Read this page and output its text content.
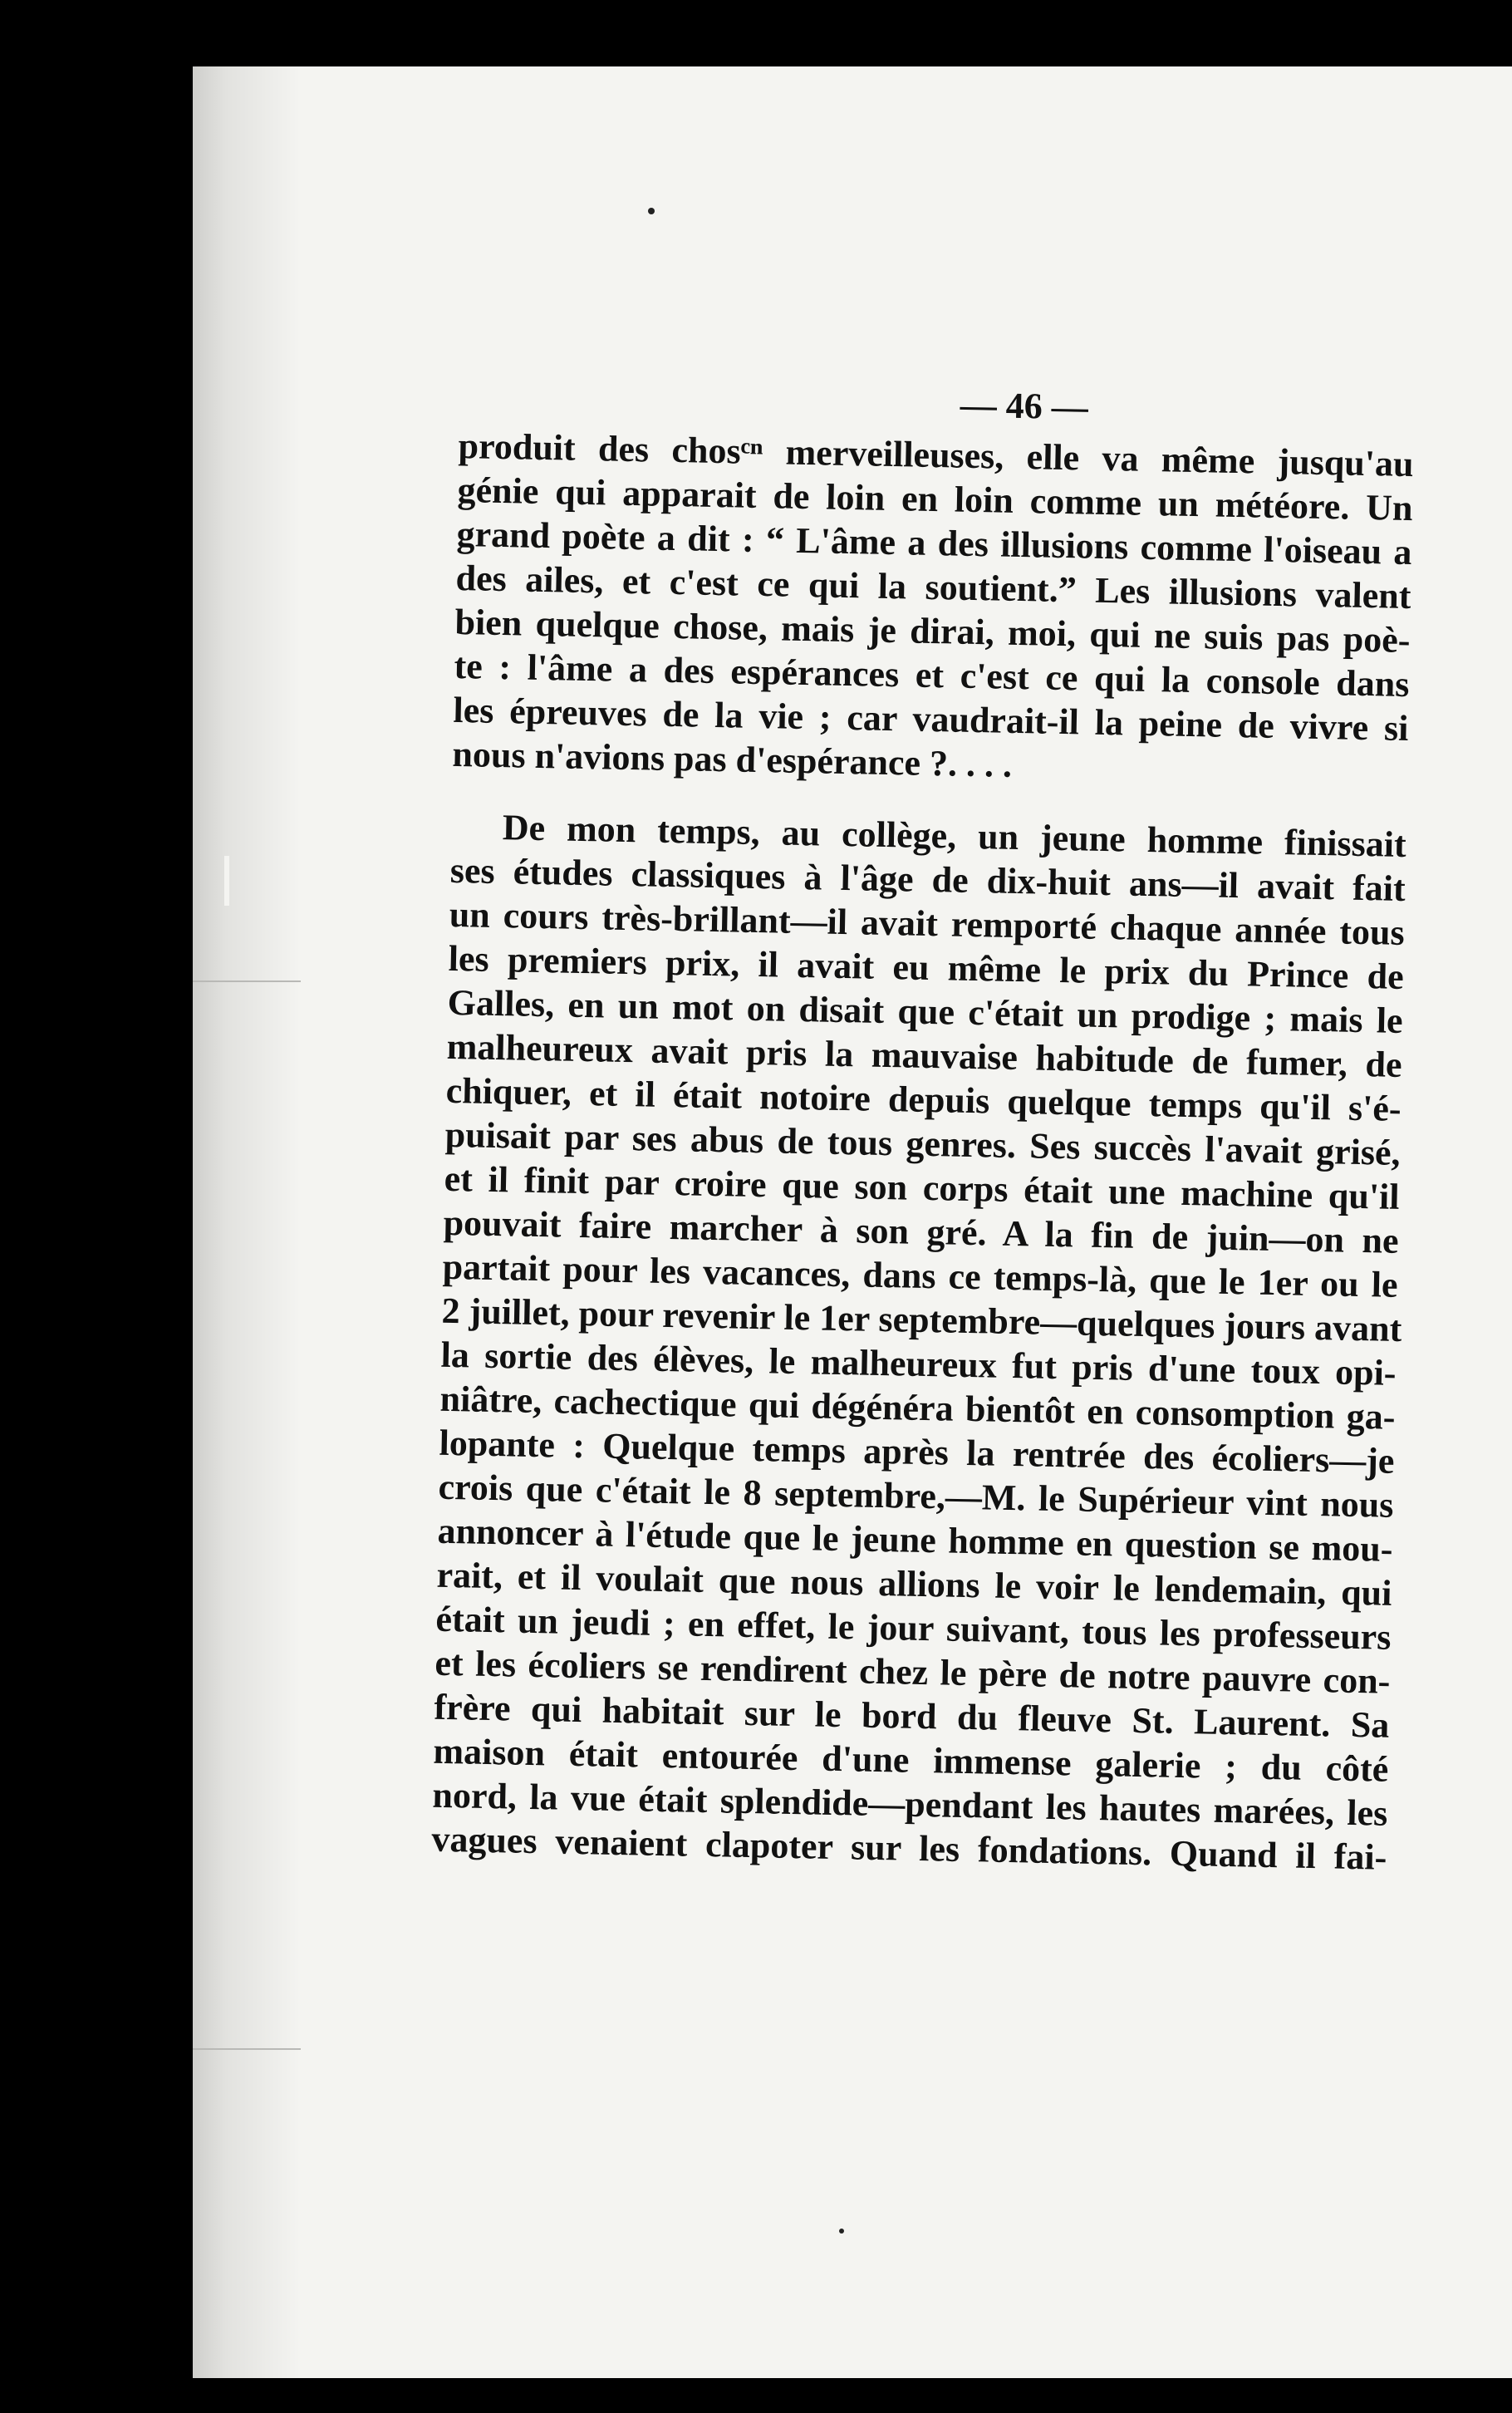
— 46 —
produit des chosᶜⁿ merveilleuses, elle va même jusqu'au
génie qui apparait de loin en loin comme un météore. Un
grand poète a dit : “ L'âme a des illusions comme l'oiseau a
des ailes, et c'est ce qui la soutient.” Les illusions valent
bien quelque chose, mais je dirai, moi, qui ne suis pas poè-
te : l'âme a des espérances et c'est ce qui la console dans
les épreuves de la vie ; car vaudrait-il la peine de vivre si
nous n'avions pas d'espérance ?. . . .
De mon temps, au collège, un jeune homme finissait
ses études classiques à l'âge de dix-huit ans—il avait fait
un cours très-brillant—il avait remporté chaque année tous
les premiers prix, il avait eu même le prix du Prince de
Galles, en un mot on disait que c'était un prodige ; mais le
malheureux avait pris la mauvaise habitude de fumer, de
chiquer, et il était notoire depuis quelque temps qu'il s'é-
puisait par ses abus de tous genres. Ses succès l'avait grisé,
et il finit par croire que son corps était une machine qu'il
pouvait faire marcher à son gré. A la fin de juin—on ne
partait pour les vacances, dans ce temps-là, que le 1er ou le
2 juillet, pour revenir le 1er septembre—quelques jours avant
la sortie des élèves, le malheureux fut pris d'une toux opi-
niâtre, cachectique qui dégénéra bientôt en consomption ga-
lopante : Quelque temps après la rentrée des écoliers—je
crois que c'était le 8 septembre,—M. le Supérieur vint nous
annoncer à l'étude que le jeune homme en question se mou-
rait, et il voulait que nous allions le voir le lendemain, qui
était un jeudi ; en effet, le jour suivant, tous les professeurs
et les écoliers se rendirent chez le père de notre pauvre con-
frère qui habitait sur le bord du fleuve St. Laurent. Sa
maison était entourée d'une immense galerie ; du côté
nord, la vue était splendide—pendant les hautes marées, les
vagues venaient clapoter sur les fondations. Quand il fai-
